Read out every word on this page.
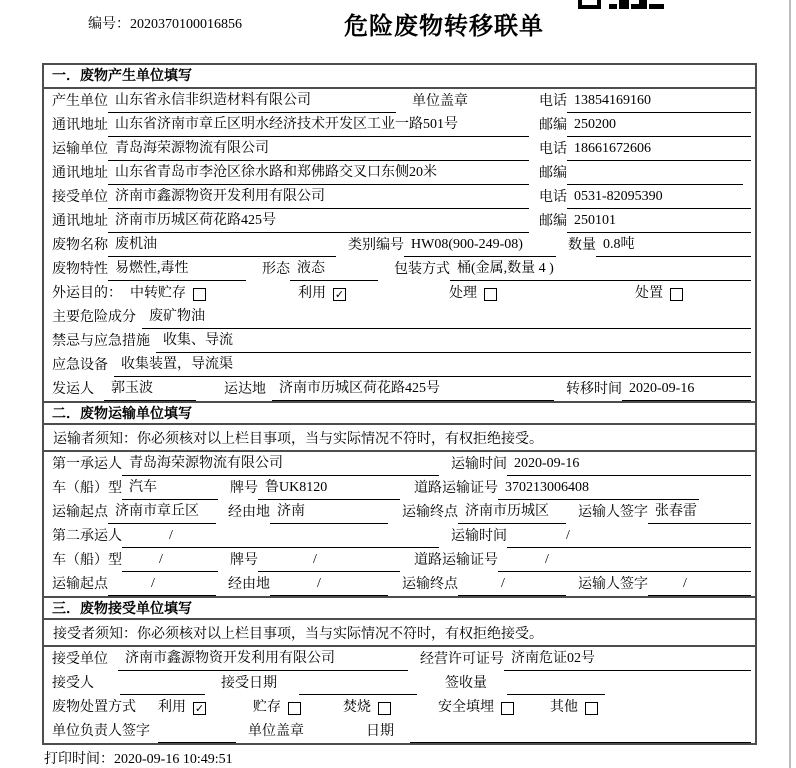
编号：2020370100016856	危险废物转移联单
一．废物产生单位填写
产生单位 山东省永信非织造材料有限公司	单位盖章	电话 13854169160
通讯地址 山东省济南市章丘区明水经济技术开发区工业一路501号	邮编 250200
运输单位 青岛海荣源物流有限公司	电话 18661672606
通讯地址 山东省青岛市李沧区徐水路和郑佛路交叉口东侧20米	邮编
接受单位 济南市鑫源物资开发利用有限公司	电话 0531-82095390
通讯地址 济南市历城区荷花路425号	邮编 250101
废物名称 废机油	类别编号 HW08(900-249-08)	数量 0.8吨
废物特性 易燃性,毒性	形态 液态	包装方式 桶(金属,数量 4 )
外运目的： 中转贮存	利用 ✓	处理	处置
主要危险成分 废矿物油
禁忌与应急措施 收集、导流
应急设备 收集装置，导流渠
发运人	郭玉波	运达地 济南市历城区荷花路425号	转移时间 2020-09-16
二．废物运输单位填写
运输者须知：你必须核对以上栏目事项，当与实际情况不符时，有权拒绝接受。
第一承运人 青岛海荣源物流有限公司	运输时间 2020-09-16
车（船）型 汽车	牌号 鲁UK8120	道路运输证号 370213006408
运输起点 济南市章丘区	经由地 济南	运输终点 济南市历城区	运输人签字 张春雷
第二承运人	/	运输时间	/
车（船）型	/	牌号	/	道路运输证号	/
运输起点	/	经由地	/	运输终点	/	运输人签字	/
三．废物接受单位填写
接受者须知：你必须核对以上栏目事项，当与实际情况不符时，有权拒绝接受。
接受单位	济南市鑫源物资开发利用有限公司	经营许可证号 济南危证02号
接受人	接受日期	签收量
废物处置方式 利用 ✓	贮存	焚烧	安全填埋	其他
单位负责人签字	单位盖章	日期
打印时间：2020-09-16 10:49:51
